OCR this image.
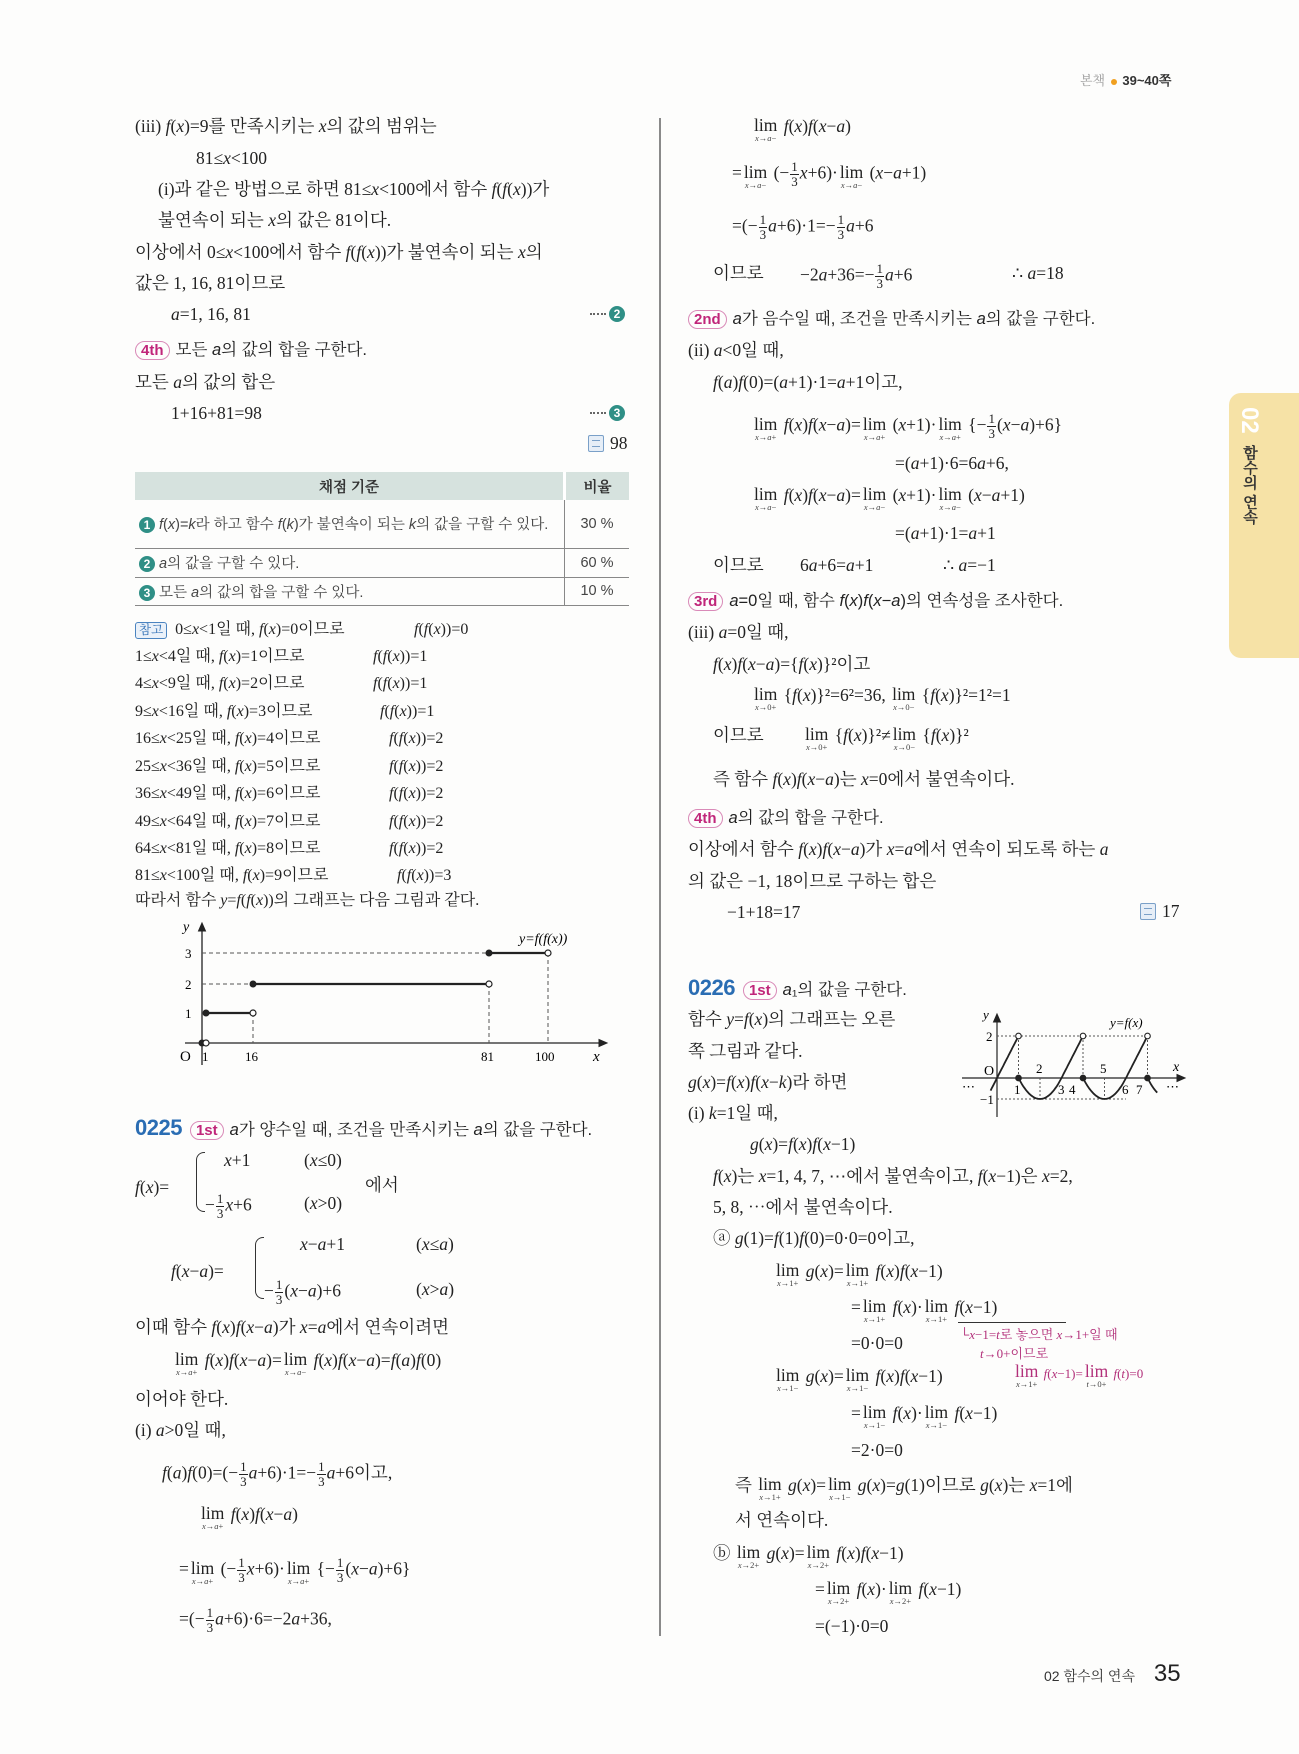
본책 39~40쪽
02
함수의 연속
(iii) f(x)=9를 만족시키는 x의 값의 범위는
81≤x<100
(i)과 같은 방법으로 하면 81≤x<100에서 함수 f(f(x))가
불연속이 되는 x의 값은 81이다.
이상에서 0≤x<100에서 함수 f(f(x))가 불연속이 되는 x의
값은 1, 16, 81이므로
a=1, 16, 81	2
4th 모든 a의 값의 합을 구한다.
모든 a의 값의 합은
1+16+81=98	3
98
채점 기준	비율
1 f(x)=k라 하고 함수 f(k)가 불연속이 되는 k의 값을 구할 수 있다.	30 %
2 a의 값을 구할 수 있다.	60 %
3 모든 a의 값의 합을 구할 수 있다.	10 %
참고 0≤x<1일 때, f(x)=0이므로	f(f(x))=0
1≤x<4일 때, f(x)=1이므로	f(f(x))=1
4≤x<9일 때, f(x)=2이므로	f(f(x))=1
9≤x<16일 때, f(x)=3이므로	f(f(x))=1
16≤x<25일 때, f(x)=4이므로	f(f(x))=2
25≤x<36일 때, f(x)=5이므로	f(f(x))=2
36≤x<49일 때, f(x)=6이므로	f(f(x))=2
49≤x<64일 때, f(x)=7이므로	f(f(x))=2
64≤x<81일 때, f(x)=8이므로	f(f(x))=2
81≤x<100일 때, f(x)=9이므로	f(f(x))=3
따라서 함수 y=f(f(x))의 그래프는 다음 그림과 같다.
x
y
O 1	16	81	100
1
2
3
y=f(f(x))
0225 1st a가 양수일 때, 조건을 만족시키는 a의 값을 구한다.
f(x)=
x+1	(x≤0)
− $\frac{1}{3} x+6$	(x>0)
에서
f(x−a)=
x−a+1	(x≤a)
− $\frac{1}{3} (x-a)+6$	(x>a)
이때 함수 f(x)f(x−a)가 x=a에서 연속이려면
lim
x→a+
f(x)f(x−a)= lim
x→a−
f(x)f(x−a)=f(a)f(0)
이어야 한다.
(i) a>0일 때,
$f(a)f(0)=(- \frac{1}{3} a+6)\cdot 1=- \frac{1}{3} a+6$이고,
lim
x→a+
f(x)f(x−a)
= lim
x→a+
(− $\frac{1}{3} x+6)\cdot \lim$
x→a+
{− $\frac{1}{3} (x-a)+6$}
=(− $\frac{1}{3} a+6)\cdot 6=-2a+36$,
lim
x→a−
f(x)f(x−a)
= lim
x→a−
(− $\frac{1}{3} x+6)\cdot \lim$
x→a−
(x−a+1)
=(− $\frac{1}{3} a+6)\cdot 1=- \frac{1}{3} a+6$
이므로 $-2a+36=- \frac{1}{3} a+6$	∴ a=18
2nd a가 음수일 때, 조건을 만족시키는 a의 값을 구한다.
(ii) a<0일 때,
f(a)f(0)=(a+1)·1=a+1이고,
lim
x→a+
f(x)f(x−a)= lim
x→a+
(x+1)· lim
x→a+
{− $\frac{1}{3} (x-a)+6$}
=(a+1)·6=6a+6,
lim
x→a−
f(x)f(x−a)= lim
x→a−
(x+1)· lim
x→a−
(x−a+1)
=(a+1)·1=a+1
이므로 6a+6=a+1	∴ a=−1
3rd a=0일 때, 함수 f(x)f(x−a)의 연속성을 조사한다.
(iii) a=0일 때,
f(x)f(x−a)={f(x)}²이고
lim
x→0+
{f(x)}²=6²=36, lim
x→0−
{f(x)}²=1²=1
이므로 lim
x→0+
{f(x)}²≠ lim
x→0−
{f(x)}²
즉 함수 f(x)f(x−a)는 x=0에서 불연속이다.
4th a의 값의 합을 구한다.
이상에서 함수 f(x)f(x−a)가 x=a에서 연속이 되도록 하는 a
의 값은 −1, 18이므로 구하는 합은
−1+18=17	17
0226 1st a₁의 값을 구한다.
함수 y=f(x)의 그래프는 오른
쪽 그림과 같다.
g(x)=f(x)f(x−k)라 하면
(i) k=1일 때,
g(x)=f(x)f(x−1)
f(x)는 x=1, 4, 7, ⋯에서 불연속이고, f(x−1)은 x=2,
5, 8, ⋯에서 불연속이다.
ⓐ g(1)=f(1)f(0)=0·0=0이고,
lim
x→1+
g(x)= lim
x→1+
f(x)f(x−1)
= lim
x→1+
f(x)· lim
x→1+
f(x−1)
=0·0=0	└x−1=t로 놓으면 x→1+일 때
t→0+이므로
lim
x→1+
f(x−1)= lim
t→0+
f(t)=0
lim
x→1−
g(x)= lim
x→1−
f(x)f(x−1)
= lim
x→1−
f(x)· lim
x→1−
f(x−1)
=2·0=0
즉 lim
x→1+
g(x)= lim
x→1−
g(x)=g(1)이므로 g(x)는 x=1에
서 연속이다.
ⓑ lim
x→2+
g(x)= lim
x→2+
f(x)f(x−1)
= lim
x→2+
f(x)· lim
x→2+
f(x−1)
=(−1)·0=0
x
y
O
2
−1
2	5
1	3 4	6 7
⋯	⋯
y=f(x)
02 함수의 연속 35
